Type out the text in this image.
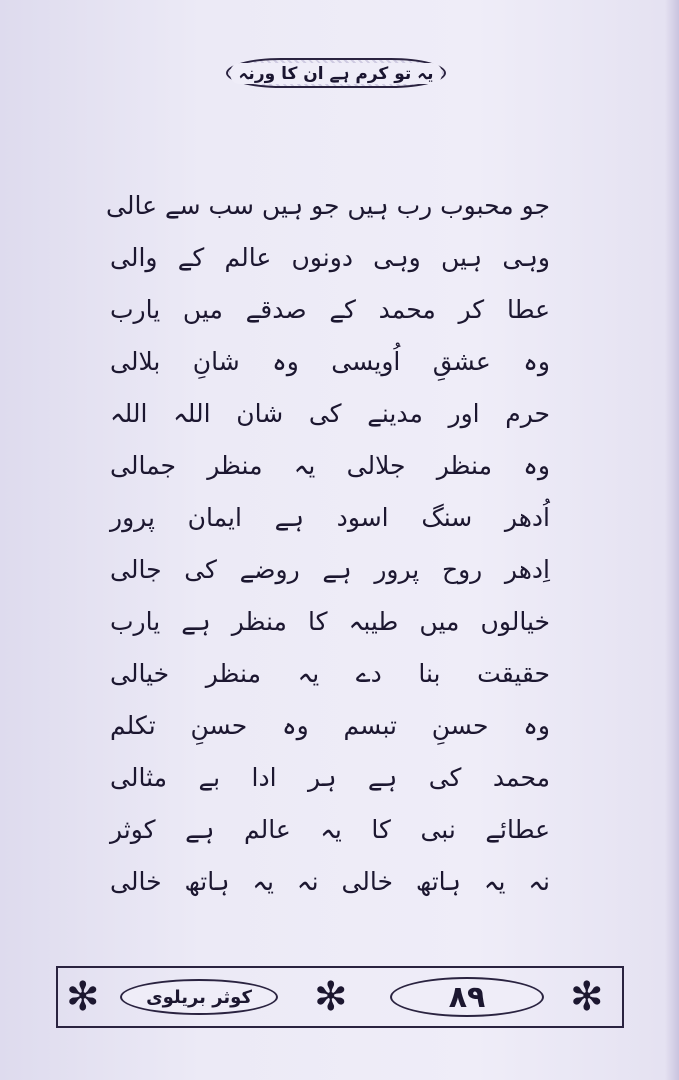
یہ تو کرم ہے ان کا ورنہ
جو محبوب رب ہیں جو ہیں سب سے عالی
وہی ہیں وہی دونوں عالم کے والی
عطا کر محمد کے صدقے میں یارب
وہ عشقِ اُویسی وہ شانِ بلالی
حرم اور مدینے کی شان اللہ اللہ
وہ منظر جلالی یہ منظر جمالی
اُدھر سنگ اسود ہے ایمان پرور
اِدھر روح پرور ہے روضے کی جالی
خیالوں میں طیبہ کا منظر ہے یارب
حقیقت بنا دے یہ منظر خیالی
وہ حسنِ تبسم وہ حسنِ تکلم
محمد کی ہے ہر ادا بے مثالی
عطائے نبی کا یہ عالم ہے کوثر
نہ یہ ہاتھ خالی نہ یہ ہاتھ خالی
✻	کوثر بریلوی	✻	۸۹	✻
